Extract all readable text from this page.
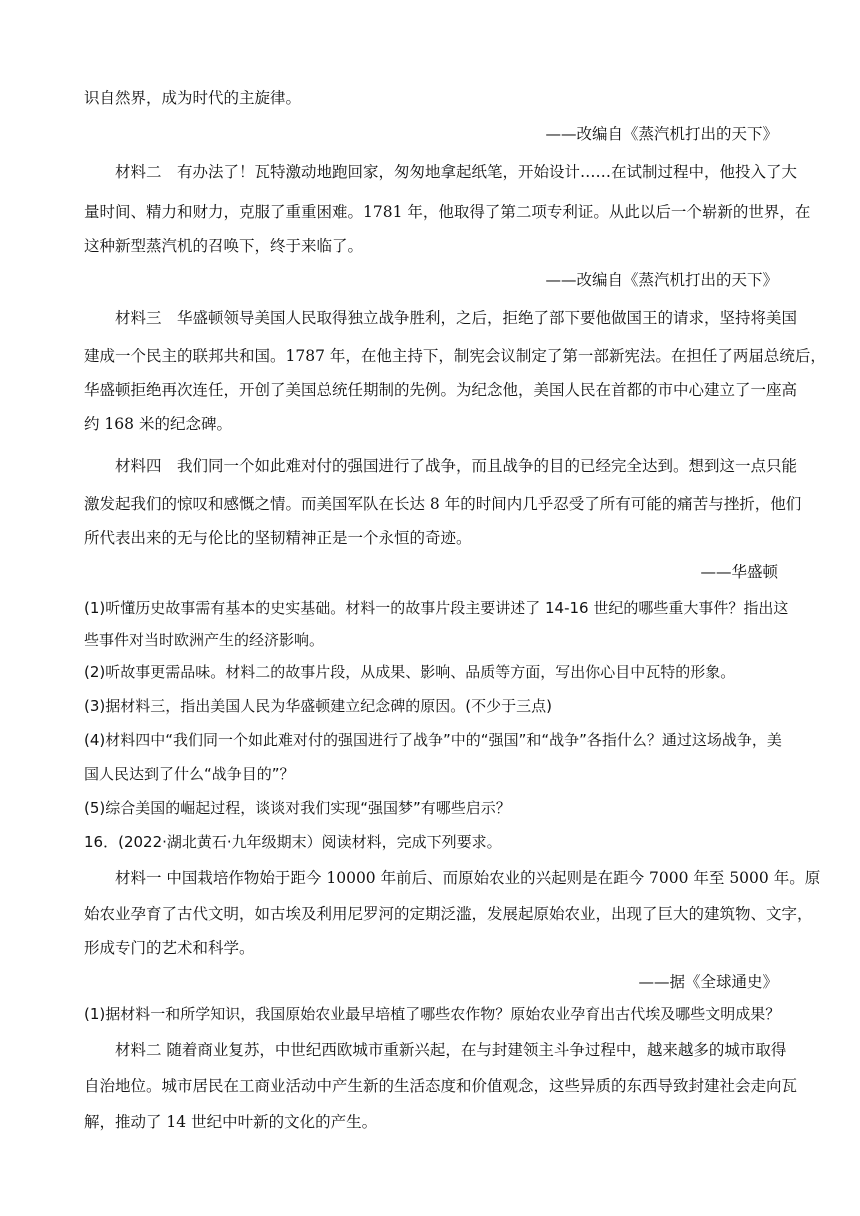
识自然界，成为时代的主旋律。
——改编自《蒸汽机打出的天下》
材料二　有办法了！瓦特激动地跑回家，匆匆地拿起纸笔，开始设计……在试制过程中，他投入了大
量时间、精力和财力，克服了重重困难。1781 年，他取得了第二项专利证。从此以后一个崭新的世界，在
这种新型蒸汽机的召唤下，终于来临了。
——改编自《蒸汽机打出的天下》
材料三　华盛顿领导美国人民取得独立战争胜利，之后，拒绝了部下要他做国王的请求，坚持将美国
建成一个民主的联邦共和国。1787 年，在他主持下，制宪会议制定了第一部新宪法。在担任了两届总统后，
华盛顿拒绝再次连任，开创了美国总统任期制的先例。为纪念他，美国人民在首都的市中心建立了一座高
约 168 米的纪念碑。
材料四　我们同一个如此难对付的强国进行了战争，而且战争的目的已经完全达到。想到这一点只能
激发起我们的惊叹和感慨之情。而美国军队在长达 8 年的时间内几乎忍受了所有可能的痛苦与挫折，他们
所代表出来的无与伦比的坚韧精神正是一个永恒的奇迹。
——华盛顿
(1)听懂历史故事需有基本的史实基础。材料一的故事片段主要讲述了 14-16 世纪的哪些重大事件？指出这
些事件对当时欧洲产生的经济影响。
(2)听故事更需品味。材料二的故事片段，从成果、影响、品质等方面，写出你心目中瓦特的形象。
(3)据材料三，指出美国人民为华盛顿建立纪念碑的原因。(不少于三点)
(4)材料四中“我们同一个如此难对付的强国进行了战争”中的“强国”和“战争”各指什么？通过这场战争，美
国人民达到了什么“战争目的”？
(5)综合美国的崛起过程，谈谈对我们实现“强国梦”有哪些启示？
16．(2022·湖北黄石·九年级期末）阅读材料，完成下列要求。
材料一 中国栽培作物始于距今 10000 年前后、而原始农业的兴起则是在距今 7000 年至 5000 年。原
始农业孕育了古代文明，如古埃及利用尼罗河的定期泛滥，发展起原始农业，出现了巨大的建筑物、文字，
形成专门的艺术和科学。
——据《全球通史》
(1)据材料一和所学知识，我国原始农业最早培植了哪些农作物？原始农业孕育出古代埃及哪些文明成果？
材料二 随着商业复苏，中世纪西欧城市重新兴起，在与封建领主斗争过程中，越来越多的城市取得
自治地位。城市居民在工商业活动中产生新的生活态度和价值观念，这些异质的东西导致封建社会走向瓦
解，推动了 14 世纪中叶新的文化的产生。
